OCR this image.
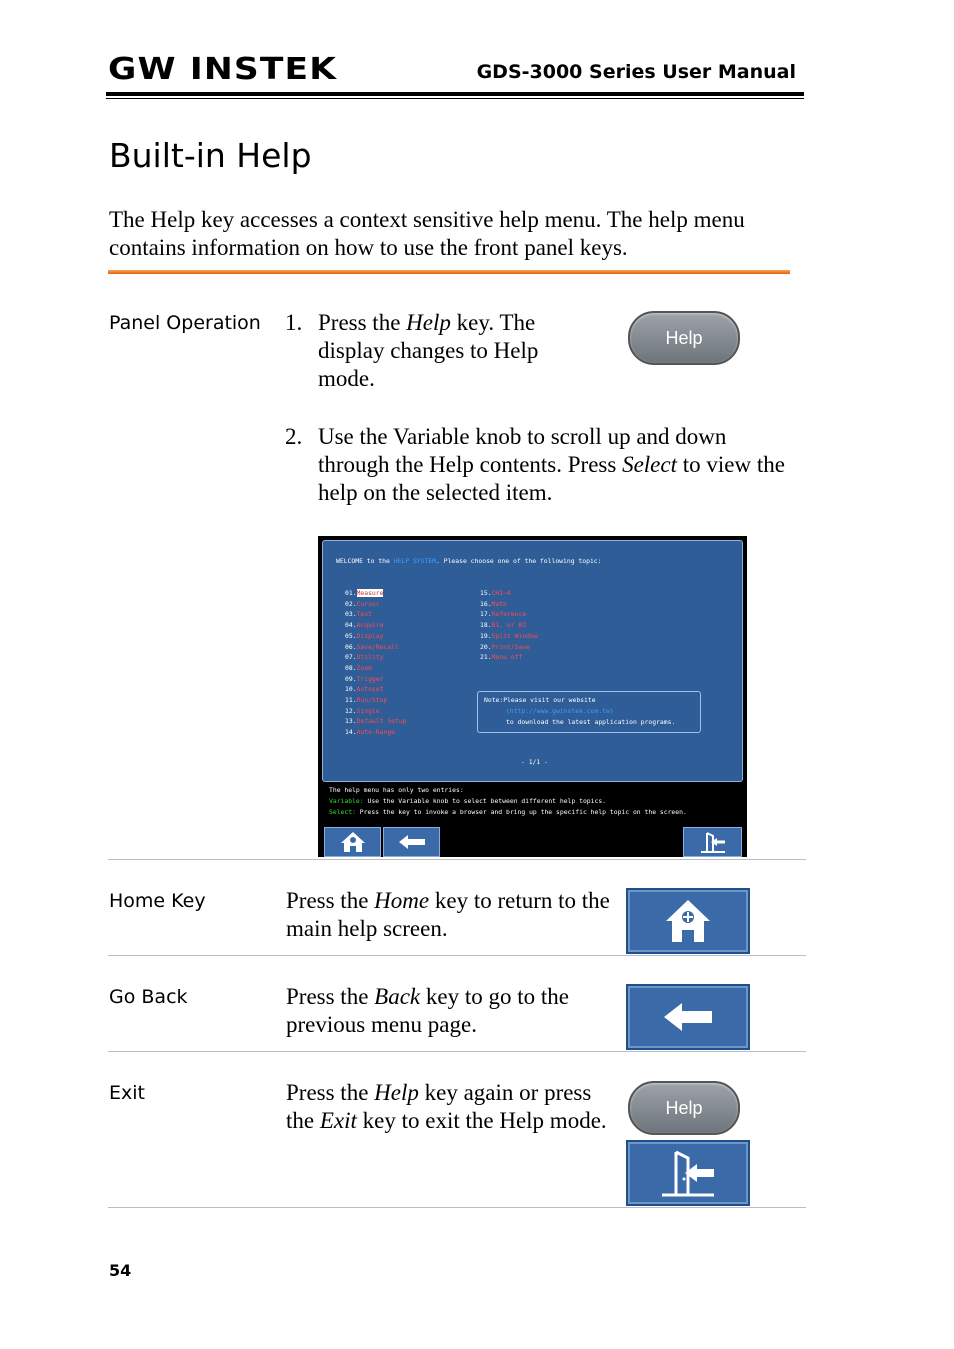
GW INSTEK	GDS-3000 Series User Manual
Built-in Help

The Help key accesses a context sensitive help menu. The help menu contains information on how to use the front panel keys.

Panel Operation 1. Press the Help key. The display changes to Help mode.
Help
2. Use the Variable knob to scroll up and down through the Help contents. Press Select to view the help on the selected item.
WELCOME to the HELP SYSTEM. Please choose one of the following topic:
01.Measure
02.Cursor
03.Test
04.Acquire
05.Display
06.Save/Recall
07.Utility
08.Zoom
09.Trigger
10.Autoset
11.Run/Stop
12.Single
13.Default Setup
14.Auto-Range
15.CH1~4
16.Math
17.Reference
18.B1, or B2
19.Split Window
20.Print/Save
21.Menu off
Note:Please visit our website
(http://www.gwinstek.com.tw)
to download the latest application programs.
- 1/1 -
The help menu has only two entries:
Variable: Use the Variable knob to select between different help topics.
Select: Press the key to invoke a browser and bring up the specific help topic on the screen.
Home Key	Press the Home key to return to the main help screen.
Go Back	Press the Back key to go to the previous menu page.
Exit	Press the Help key again or press the Exit key to exit the Help mode.
Help
54
